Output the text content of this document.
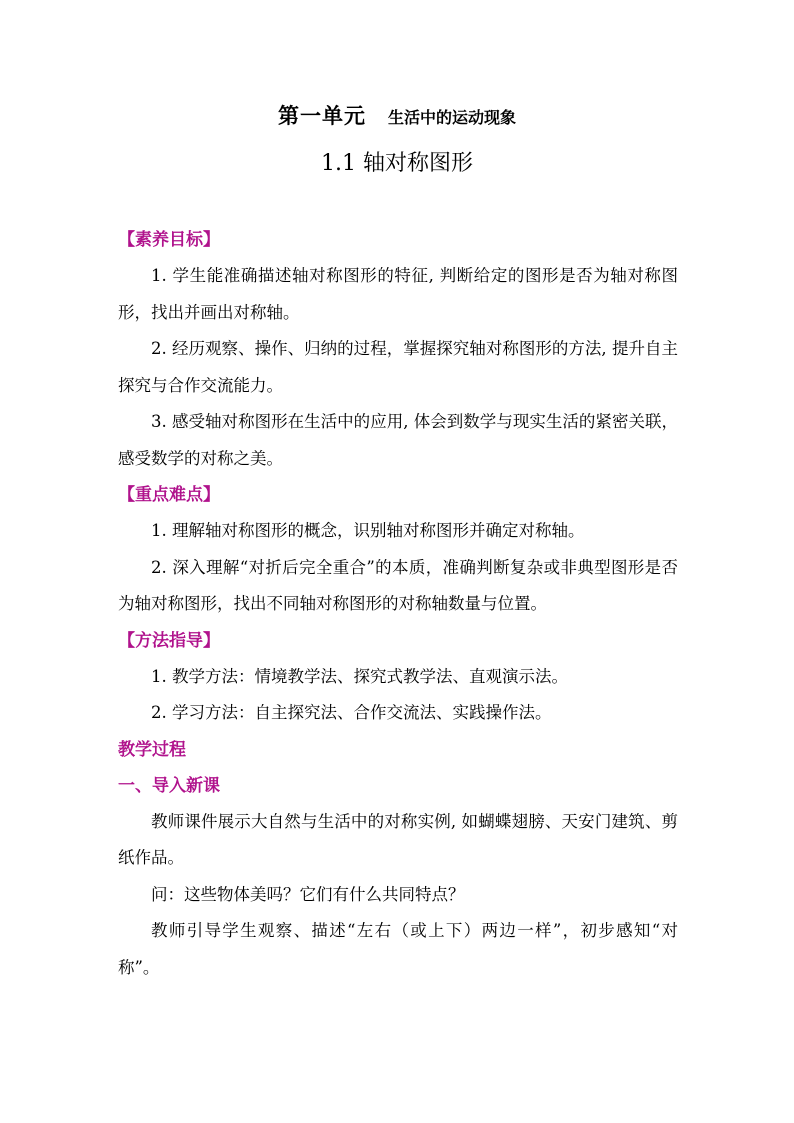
第一单元 生活中的运动现象
1.1 轴对称图形
【素养目标】

1. 学生能准确描述轴对称图形的特征, 判断给定的图形是否为轴对称图形，找出并画出对称轴。

2. 经历观察、操作、归纳的过程，掌握探究轴对称图形的方法, 提升自主探究与合作交流能力。

3. 感受轴对称图形在生活中的应用, 体会到数学与现实生活的紧密关联，感受数学的对称之美。

【重点难点】

1. 理解轴对称图形的概念，识别轴对称图形并确定对称轴。

2. 深入理解“对折后完全重合”的本质，准确判断复杂或非典型图形是否为轴对称图形，找出不同轴对称图形的对称轴数量与位置。

【方法指导】

1. 教学方法：情境教学法、探究式教学法、直观演示法。

2. 学习方法：自主探究法、合作交流法、实践操作法。

教学过程
一、导入新课

教师课件展示大自然与生活中的对称实例, 如蝴蝶翅膀、天安门建筑、剪纸作品。

问：这些物体美吗？它们有什么共同特点？

教师引导学生观察、描述“左右（或上下）两边一样”，初步感知“对称”。
